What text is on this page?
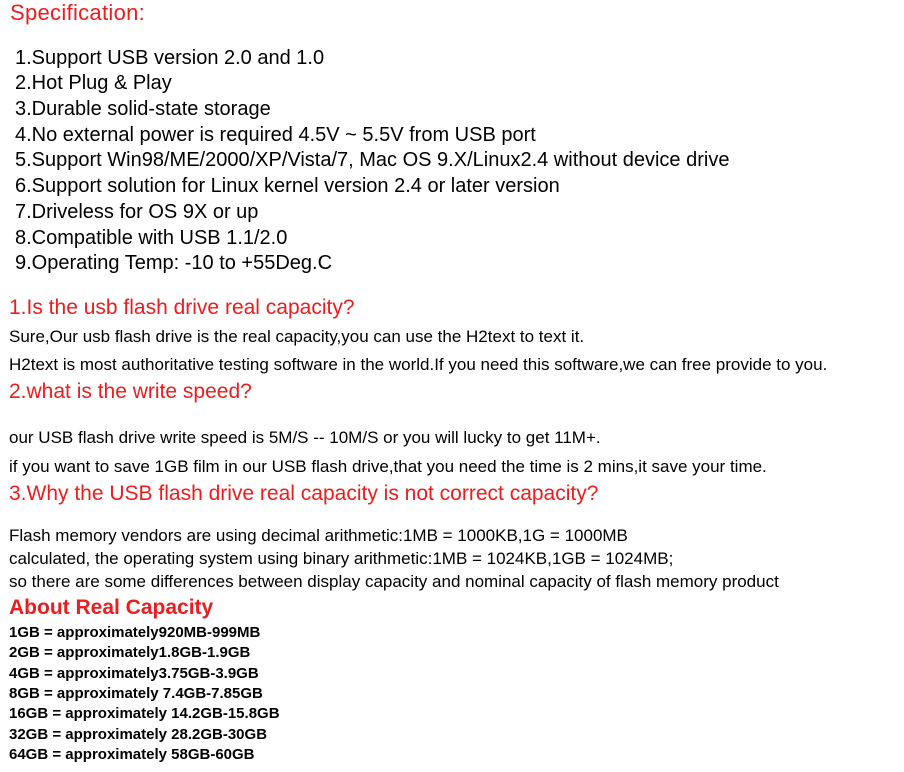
Specification:
1.Support USB version 2.0 and 1.0
2.Hot Plug & Play
3.Durable solid-state storage
4.No external power is required 4.5V ~ 5.5V from USB port
5.Support Win98/ME/2000/XP/Vista/7, Mac OS 9.X/Linux2.4 without device drive
6.Support solution for Linux kernel version 2.4 or later version
7.Driveless for OS 9X or up
8.Compatible with USB 1.1/2.0
9.Operating Temp: -10 to +55Deg.C
1.Is the usb flash drive real capacity?
Sure,Our usb flash drive is the real capacity,you can use the H2text to text it.
H2text is most authoritative testing software in the world.If you need this software,we can free provide to you.
2.what is the write speed?
our USB flash drive write speed is 5M/S -- 10M/S or you will lucky to get 11M+.
if you want to save 1GB film in our USB flash drive,that you need the time is 2 mins,it save your time.
3.Why the USB flash drive real capacity is not correct capacity?
Flash memory vendors are using decimal arithmetic:1MB = 1000KB,1G = 1000MB
calculated, the operating system using binary arithmetic:1MB = 1024KB,1GB = 1024MB;
so there are some differences between display capacity and nominal capacity of flash memory product
About Real Capacity
1GB = approximately920MB-999MB
2GB = approximately1.8GB-1.9GB
4GB = approximately3.75GB-3.9GB
8GB = approximately 7.4GB-7.85GB
16GB = approximately 14.2GB-15.8GB
32GB = approximately 28.2GB-30GB
64GB = approximately 58GB-60GB
